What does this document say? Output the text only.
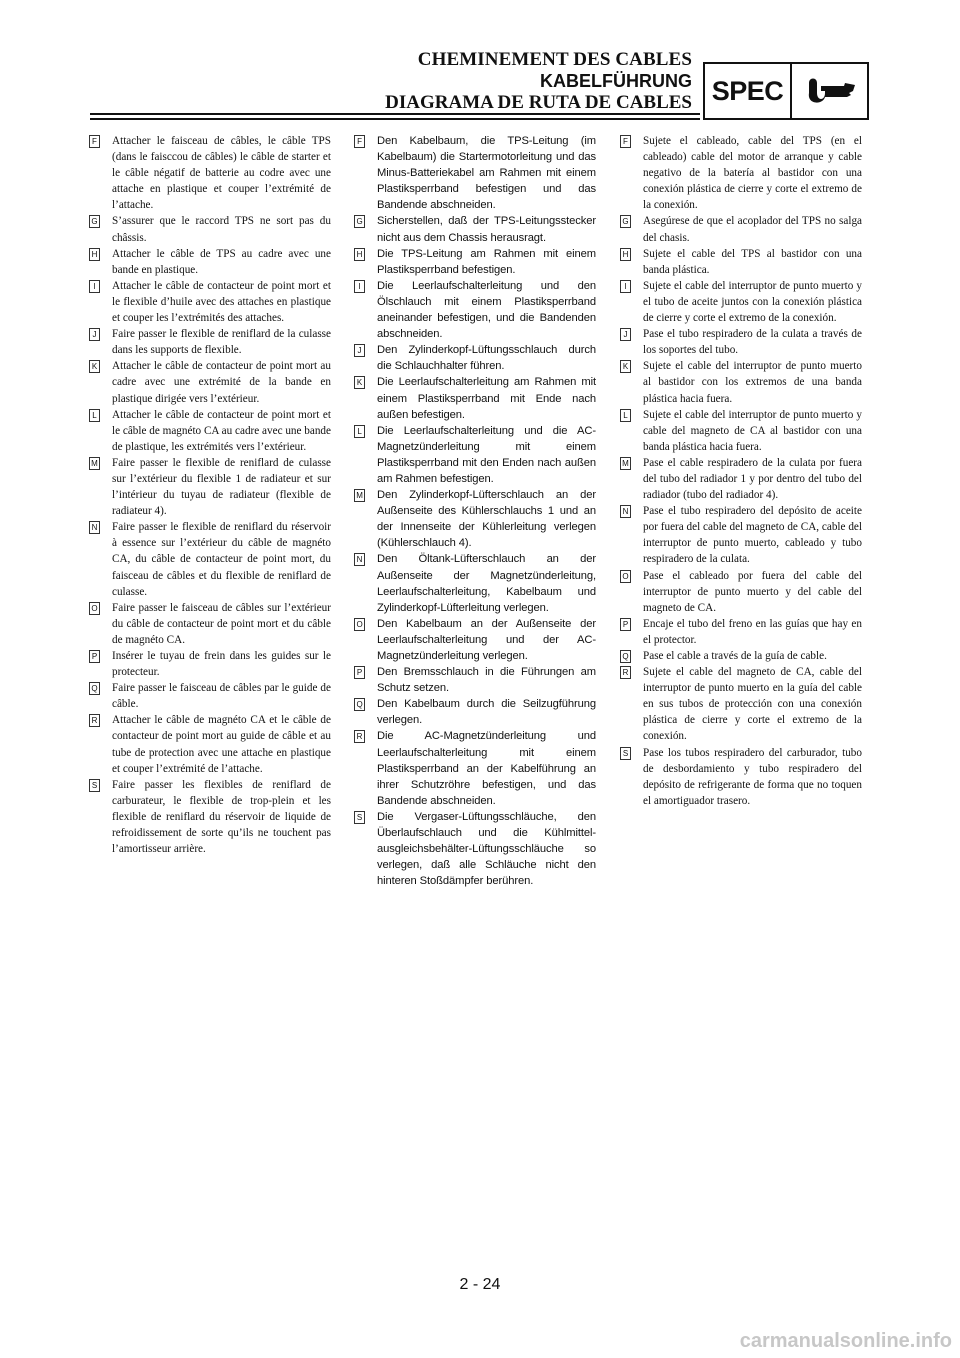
CHEMINEMENT DES CABLES
KABELFÜHRUNG
DIAGRAMA DE RUTA DE CABLES SPEC
F Attacher le faisceau de câbles, le câble TPS (dans le faisccou de câbles) le câble de starter et le câble négatif de batterie au codre avec une attache en plastique et couper l’extrémité de l’attache.
G S’assurer que le raccord TPS ne sort pas du châssis.
H Attacher le câble de TPS au cadre avec une bande en plastique.
I	Attacher le câble de contacteur de point mort et le flexible d’huile avec des attaches en plastique et couper les l’extrémités des attaches.
J	Faire passer le flexible de reniflard de la culasse dans les supports de flexible.
K Attacher le câble de contacteur de point mort au cadre avec une extrémité de la bande en plastique dirigée vers l’extérieur.
L Attacher le câble de contacteur de point mort et le câble de magnéto CA au cadre avec une bande de plastique, les extrémités vers l’extérieur.
M Faire passer le flexible de reniflard de culasse sur l’extérieur du flexible 1 de radiateur et sur l’intérieur du tuyau de radiateur (flexible de radiateur 4).
N Faire passer le flexible de reniflard du réservoir à essence sur l’extérieur du câble de magnéto CA, du câble de contacteur de point mort, du faisceau de câbles et du flexible de reniflard de culasse.
O Faire passer le faisceau de câbles sur l’extérieur du câble de contacteur de point mort et du câble de magnéto CA.
P Insérer le tuyau de frein dans les guides sur le protecteur.
Q Faire passer le faisceau de câbles par le guide de câble.
R Attacher le câble de magnéto CA et le câble de contacteur de point mort au guide de câble et au tube de protection avec une attache en plastique et couper l’extrémité de l’attache.
S Faire passer les flexibles de reniflard de carburateur, le flexible de trop-plein et les flexible de reniflard du réservoir de liquide de refroidissement de sorte qu’ils ne touchent pas l’amortisseur arrière.
F Den Kabelbaum, die TPS-Leitung (im Kabelbaum) die Startermotorleitung und das Minus-Batteriekabel am Rahmen mit einem Plastiksperrband befestigen und das Bandende abschneiden.
G Sicherstellen, daß der TPS-Leitungsstecker nicht aus dem Chassis herausragt.
H Die TPS-Leitung am Rahmen mit einem Plastiksperrband befestigen.
I	Die Leerlaufschalterleitung und den Ölschlauch mit einem Plastiksperrband aneinander befestigen, und die Bandenden abschneiden.
J	Den Zylinderkopf-Lüftungsschlauch durch die Schlauchhalter führen.
K Die Leerlaufschalterleitung am Rahmen mit einem Plastiksperrband mit Ende nach außen befestigen.
L Die Leerlaufschalterleitung und die AC-Magnetzünderleitung mit einem Plastiksperrband mit den Enden nach außen am Rahmen befestigen.
M Den Zylinderkopf-Lüfterschlauch an der Außenseite des Kühlerschlauchs 1 und an der Innenseite der Kühlerleitung verlegen (Kühlerschlauch 4).
N Den Öltank-Lüfterschlauch an der Außenseite der Magnetzünderleitung, Leerlaufschalterleitung, Kabelbaum und Zylinderkopf-Lüfterleitung verlegen.
O Den Kabelbaum an der Außenseite der Leerlaufschalterleitung und der AC-Magnetzünderleitung verlegen.
P Den Bremsschlauch in die Führungen am Schutz setzen.
Q Den Kabelbaum durch die Seilzugführung verlegen.
R Die AC-Magnetzünderleitung und Leerlaufschalterleitung mit einem Plastiksperrband an der Kabelführung an ihrer Schutzröhre befestigen, und das Bandende abschneiden.
S Die Vergaser-Lüftungsschläuche, den Überlaufschlauch und die Kühlmittel-ausgleichsbehälter-Lüftungsschläuche so verlegen, daß alle Schläuche nicht den hinteren Stoßdämpfer berühren.
F Sujete el cableado, cable del TPS (en el cableado) cable del motor de arranque y cable negativo de la batería al bastidor con una conexión plástica de cierre y corte el extremo de la conexión.
G Asegúrese de que el acoplador del TPS no salga del chasis.
H Sujete el cable del TPS al bastidor con una banda plástica.
I	Sujete el cable del interruptor de punto muerto y el tubo de aceite juntos con la conexión plástica de cierre y corte el extremo de la conexión.
J	Pase el tubo respiradero de la culata a través de los soportes del tubo.
K Sujete el cable del interruptor de punto muerto al bastidor con los extremos de una banda plástica hacia fuera.
L Sujete el cable del interruptor de punto muerto y cable del magneto de CA al bastidor con una banda plástica hacia fuera.
M Pase el cable respiradero de la culata por fuera del tubo del radiador 1 y por dentro del tubo del radiador (tubo del radiador 4).
N Pase el tubo respiradero del depósito de aceite por fuera del cable del magneto de CA, cable del interruptor de punto muerto, cableado y tubo respiradero de la culata.
O Pase el cableado por fuera del cable del interruptor de punto muerto y del cable del magneto de CA.
P Encaje el tubo del freno en las guías que hay en el protector.
Q Pase el cable a través de la guía de cable.
R Sujete el cable del magneto de CA, cable del interruptor de punto muerto en la guía del cable en sus tubos de protección con una conexión plástica de cierre y corte el extremo de la conexión.
S Pase los tubos respiradero del carburador, tubo de desbordamiento y tubo respiradero del depósito de refrigerante de forma que no toquen el amortiguador trasero.
2 - 24
carmanualsonline.info
